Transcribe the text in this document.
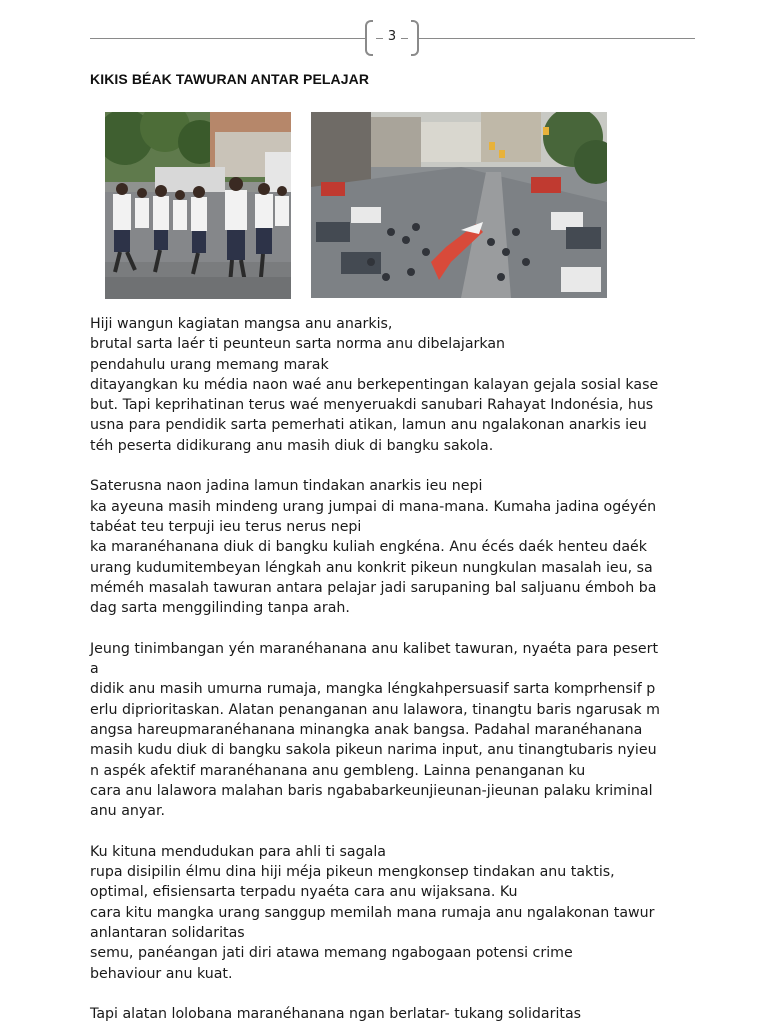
3
KIKIS BÉAK TAWURAN ANTAR PELAJAR
Hiji wangun kagiatan mangsa anu anarkis,
brutal sarta laér ti peunteun sarta norma anu dibelajarkan
pendahulu urang memang marak
ditayangkan ku média naon waé anu berkepentingan kalayan gejala sosial kase
but. Tapi keprihatinan terus waé menyeruakdi sanubari Rahayat Indonésia, hus
usna para pendidik sarta pemerhati atikan, lamun anu ngalakonan anarkis ieu
téh peserta didikurang anu masih diuk di bangku sakola.
Saterusna naon jadina lamun tindakan anarkis ieu nepi
ka ayeuna masih mindeng urang jumpai di mana-mana. Kumaha jadina ogéyén
tabéat teu terpuji ieu terus nerus nepi
ka maranéhanana diuk di bangku kuliah engkéna. Anu écés daék henteu daék
urang kudumitembeyan léngkah anu konkrit pikeun nungkulan masalah ieu, sa
méméh masalah tawuran antara pelajar jadi sarupaning bal saljuanu émboh ba
dag sarta menggilinding tanpa arah.
Jeung tinimbangan yén maranéhanana anu kalibet tawuran, nyaéta para pesert
a
didik anu masih umurna rumaja, mangka léngkahpersuasif sarta komprhensif p
erlu diprioritaskan. Alatan penanganan anu lalawora, tinangtu baris ngarusak m
angsa hareupmaranéhanana minangka anak bangsa. Padahal maranéhanana
masih kudu diuk di bangku sakola pikeun narima input, anu tinangtubaris nyieu
n aspék afektif maranéhanana anu gembleng. Lainna penanganan ku
cara anu lalawora malahan baris ngababarkeunjieunan-jieunan palaku kriminal
anu anyar.
Ku kituna mendudukan para ahli ti sagala
rupa disipilin élmu dina hiji méja pikeun mengkonsep tindakan anu taktis,
optimal, efisiensarta terpadu nyaéta cara anu wijaksana. Ku
cara kitu mangka urang sanggup memilah mana rumaja anu ngalakonan tawur
anlantaran solidaritas
semu, panéangan jati diri atawa memang ngabogaan potensi crime
behaviour anu kuat.
Tapi alatan lolobana maranéhanana ngan berlatar- tukang solidaritas
